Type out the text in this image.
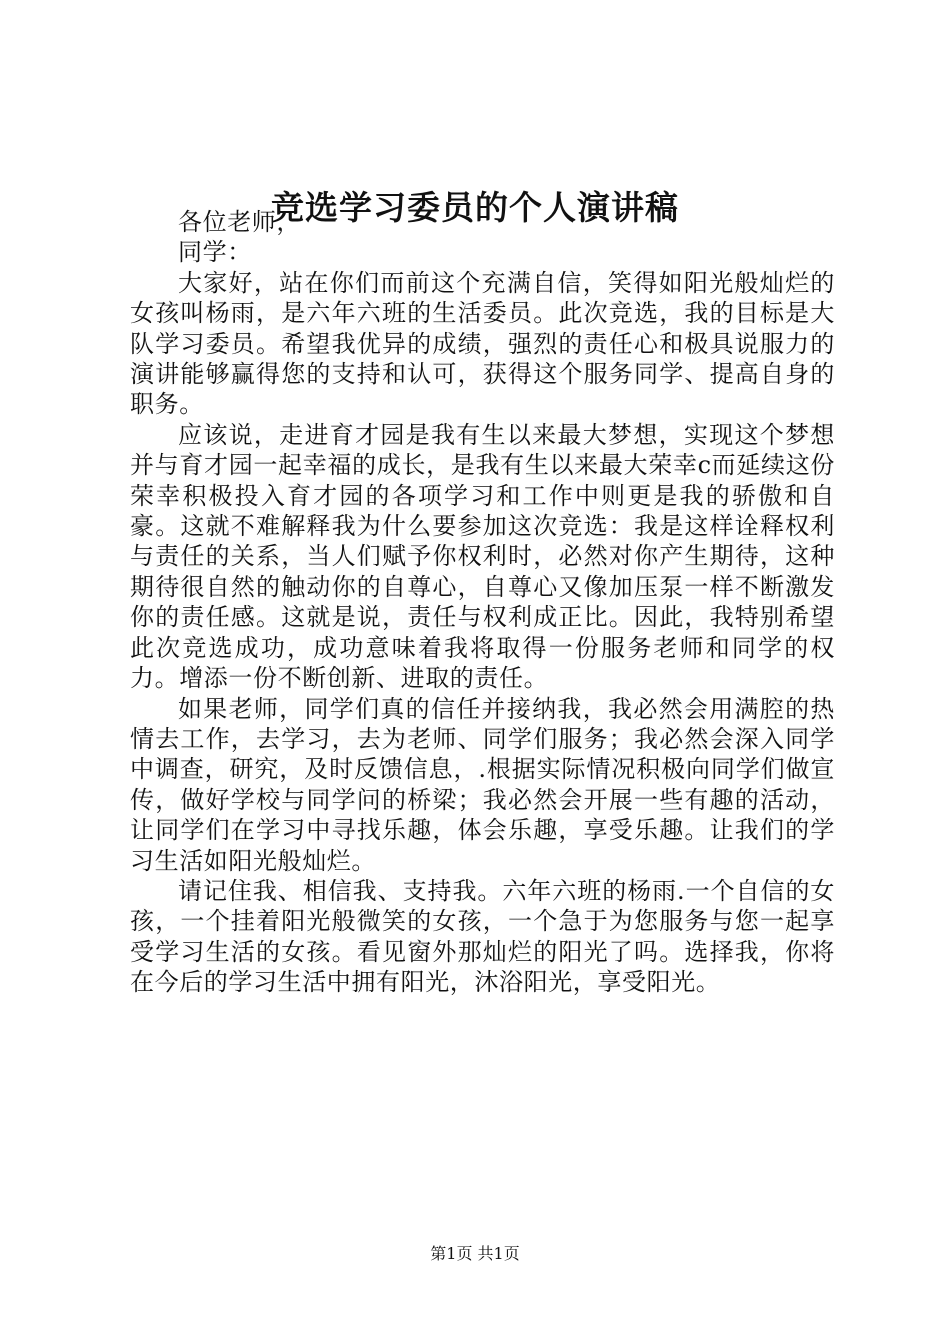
竞选学习委员的个人演讲稿
各位老师，
同学：

大家好，站在你们而前这个充满自信，笑得如阳光般灿烂的女孩叫杨雨，是六年六班的生活委员。此次竞选，我的目标是大队学习委员。希望我优异的成绩，强烈的责任心和极具说服力的演讲能够赢得您的支持和认可，获得这个服务同学、提高自身的职务。

应该说，走进育才园是我有生以来最大梦想，实现这个梦想并与育才园一起幸福的成长，是我有生以来最大荣幸c而延续这份荣幸积极投入育才园的各项学习和工作中则更是我的骄傲和自豪。这就不难解释我为什么要参加这次竞选：我是这样诠释权利与责任的关系，当人们赋予你权利时，必然对你产生期待，这种期待很自然的触动你的自尊心，自尊心又像加压泵一样不断激发你的责任感。这就是说，责任与权利成正比。因此，我特别希望此次竞选成功，成功意味着我将取得一份服务老师和同学的权力。增添一份不断创新、进取的责任。

如果老师，同学们真的信任并接纳我，我必然会用满腔的热情去工作，去学习，去为老师、同学们服务；我必然会深入同学中调查，研究，及时反馈信息，.根据实际情况积极向同学们做宣传，做好学校与同学问的桥梁；我必然会开展一些有趣的活动，让同学们在学习中寻找乐趣，体会乐趣，享受乐趣。让我们的学习生活如阳光般灿烂。

请记住我、相信我、支持我。六年六班的杨雨.一个自信的女孩，一个挂着阳光般微笑的女孩，一个急于为您服务与您一起享受学习生活的女孩。看见窗外那灿烂的阳光了吗。选择我，你将在今后的学习生活中拥有阳光，沐浴阳光，享受阳光。

第1页 共1页
